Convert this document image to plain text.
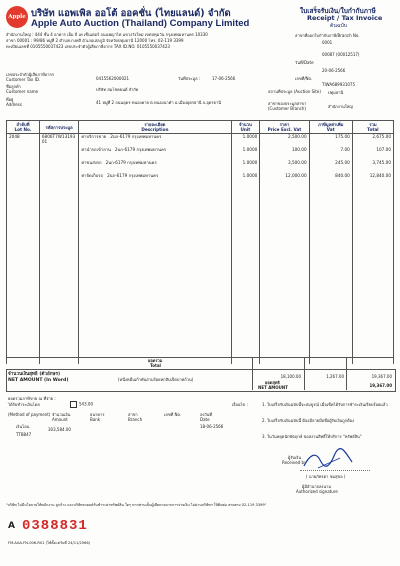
Apple บริษัท แอพเพิล ออโต้ ออคชั่น (ไทยแลนด์) จำกัด
Apple Auto Auction (Thailand) Company Limited
ใบเสร็จรับเงิน/ใบกำกับภาษี
Receipt / Tax Invoice
ต้นฉบับ
สำนักงานใหญ่ : 444 ชั้น 4 อาคาร เอ็ม บี เค เซ็นเตอร์ ถนนพญาไท แขวงวังใหม่ เขตปทุมวัน กรุงเทพมหานคร 10330
สาขา 00001 : 99/86 หมู่ที่ 2 ตำบลบางพลี อำเภอเสลภูมิ จังหวัดปทุมธานี 12000 โทร. 02-119 3399
ทะเบียนเลขที่ 0105550037423 เลขประจำตัวผู้เสียภาษีอากร TAX ID.NO. 0105550037423
สาขาที่ออกใบกำกับภาษี/Branch No.
0001
00087 (00012517)
วันที่/Date
20-06-2566
เลขที่/No.
TIWA689931075
สถานที่ประมูล (Auction Site)	ปทุมธานี
สาขาของประมูลสาขา (Customer Branch)	สำนักงานใหญ่
เลขประจำตัวผู้เสียภาษีอากร
Customer Tax ID.	0415562000021	วันที่ประมูล :	17-06-2566
ชื่อลูกค้า
Customer name	บริษัท สมโชคยนต์ จำกัด
ที่อยู่
Address	41 หมู่ที่ 2 ถนนอุดร-หนองคาย ต.หนองนาคำ อ.เมืองอุดรธานี จ.อุดรธานี
ลำดับที่
Lot No.	รหัสการประมูล	รายละเอียด
Description	จำนวน
Unit	ราคา
Price Excl. Vat	ภาษีมูลค่าเพิ่ม
Vat	รวม
Total
2048	6806T7W13193
01	ค่าบริการขาย 2นก-6179 กรุงเทพมหานคร	1.0000	2,500.00	175.00	2,675.00
		ค่านำรถเข้าลาน 2นก-6179 กรุงเทพมหานคร	1.0000	100.00	7.00	107.00
		ค่าขนส่งรถ 2นก-6179 กรุงเทพมหานคร	1.0000	3,500.00	245.00	3,745.00
		ค่าจัดเก็บรถ 2นก-6179 กรุงเทพมหานคร	1.0000	12,000.00	840.00	12,840.00

ยอดรวม
Total
18,100.00	1,267.00	19,367.00
จำนวนเงินสุทธิ (ตัวอักษร)
NET AMOUNT (In Word)	(หนึ่งหมื่นเก้าพันสามร้อยหกสิบเจ็ดบาทถ้วน)
ยอดสุทธิ
NET AMOUNT	19,367.00
ยอดรวมภาษีขาย ณ ที่จ่าย :
ได้รับชำระเงินโดย	543.00
(Method of payment) จำนวนเงิน Amount
ธนาคาร Bank
สาขา Branch
เลขที่ No.	ลงวันที่ Date
เงินโอน
303,584.00
TTB847
18-06-2566
เงื่อนไข :	1. ใบเสร็จรับเงินฉบับนี้จะสมบูรณ์ เมื่อเช็คได้รับการชำระเงินเรียบร้อยแล้ว
2. ใบเสร็จรับเงินฉบับนี้ ต้องมีลายมือชื่อผู้รับเงินถูกต้อง
3. ในวันหยุดนักขัตฤกษ์ ขอสงวนสิทธิ์ให้บริการ "ทรัพย์สิน"
ผู้รับเงิน
Received by
( นายภัทรดา ชมสุขอ )
ผู้มีอำนาจลงนาม
Authorized signature
"บริษัท ไม่มีนโยบายให้พนักงาน ลูกจ้าง และบริษัทรถยนต์รับชำระค่าทรัพย์สิน ใดๆ หากท่านเป็นผู้เสียหายจากการจ่ายเงิน ไม่ผ่านบริษัทฯ ให้ติดต่อ สายตรง 02-119 3399"
A 0388831
FM-AAA-FN-006-R01 (ใช้ตั้งแต่วันที่ 24/11/2566)
